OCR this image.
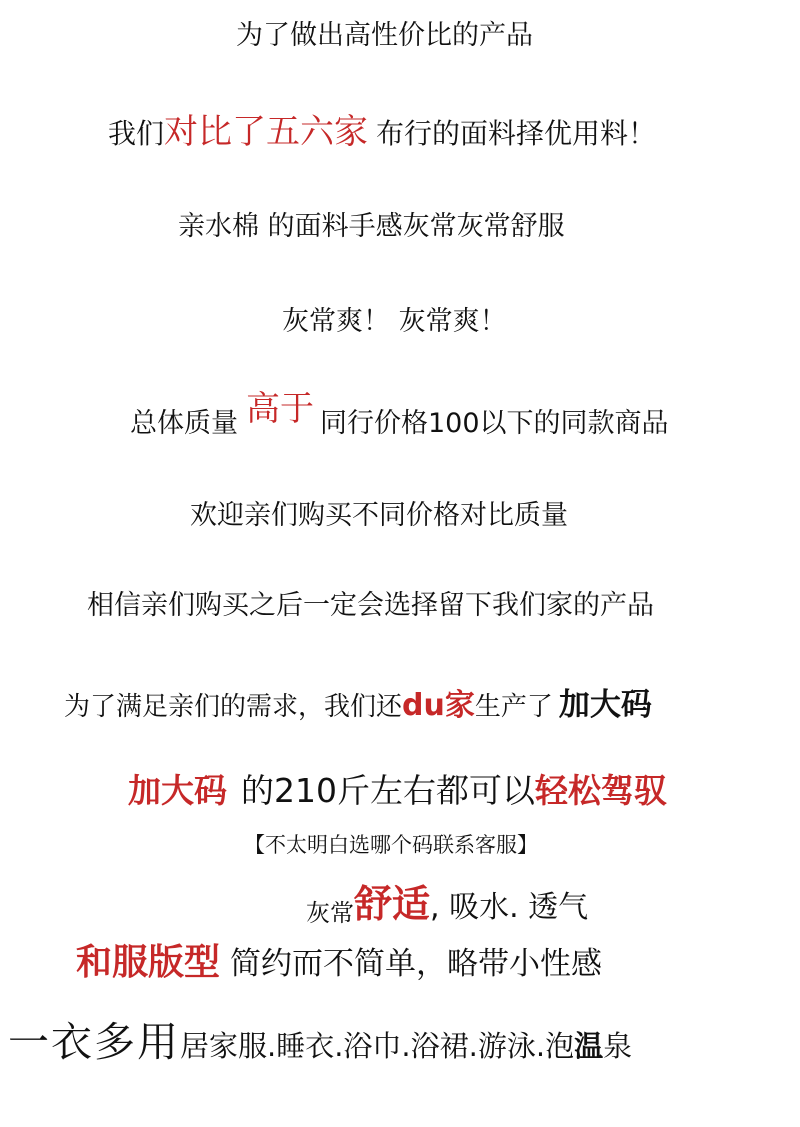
为了做出高性价比的产品
我们对比了五六家 布行的面料择优用料！
亲水棉 的面料手感灰常灰常舒服
灰常爽！ 灰常爽！
总体质量 高于 同行价格100以下的同款商品
欢迎亲们购买不同价格对比质量
相信亲们购买之后一定会选择留下我们家的产品
为了满足亲们的需求，我们还du家生产了 加大码
加大码 的210斤左右都可以轻松驾驭
【不太明白选哪个码联系客服】
灰常舒适, 吸水. 透气
和服版型 简约而不简单，略带小性感
一衣多用居家服.睡衣.浴巾.浴裙.游泳.泡温泉
